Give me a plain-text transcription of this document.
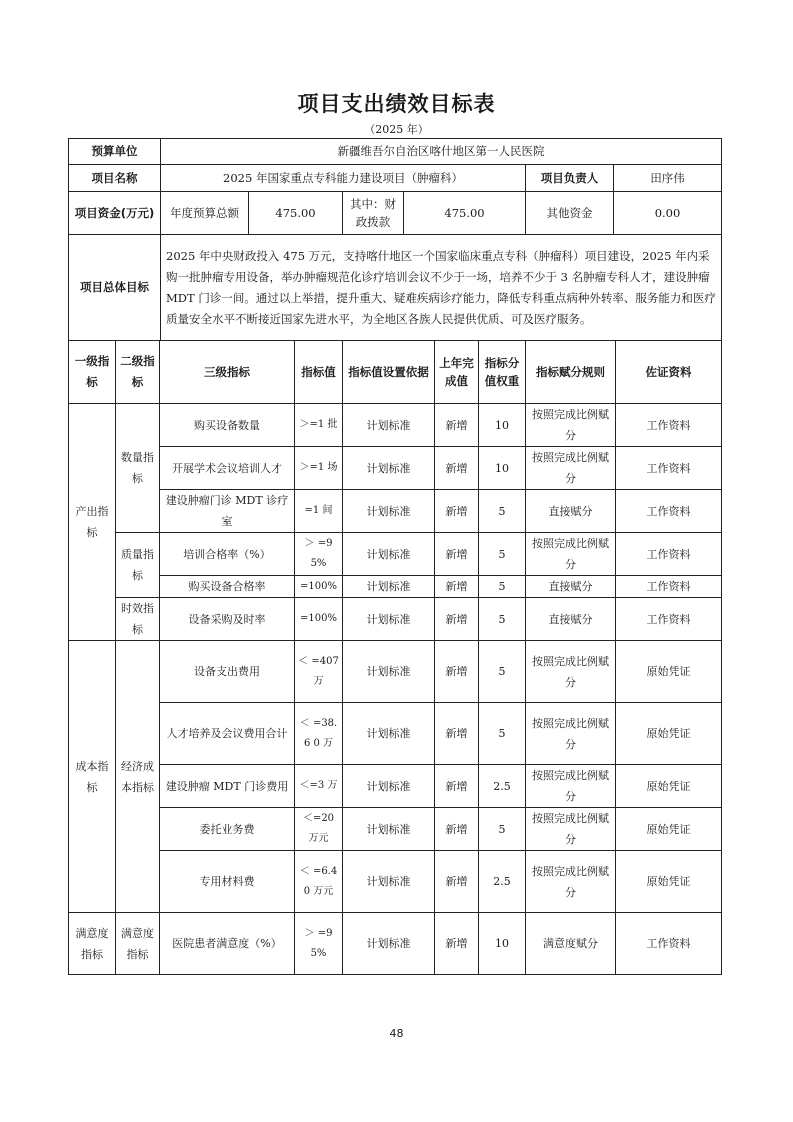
项目支出绩效目标表
（2025 年）
预算单位	新疆维吾尔自治区喀什地区第一人民医院					
项目名称	2025 年国家重点专科能力建设项目（肿瘤科）				项目负责人	田序伟
项目资金(万元)	年度预算总额	475.00	其中：财政拨款	475.00	其他资金	0.00
项目总体目标	2025 年中央财政投入 475 万元，支持喀什地区一个国家临床重点专科（肿瘤科）项目建设，2025 年内采购一批肿瘤专用设备，举办肿瘤规范化诊疗培训会议不少于一场，培养不少于 3 名肿瘤专科人才，建设肿瘤 MDT 门诊一间。通过以上举措，提升重大、疑难疾病诊疗能力，降低专科重点病种外转率、服务能力和医疗质量安全水平不断接近国家先进水平，为全地区各族人民提供优质、可及医疗服务。					
一级指标	二级指标	三级指标	指标值	指标值设置依据	上年完成值	指标分值权重	指标赋分规则	佐证资料
产出指标	数量指标	购买设备数量	＞=1 批	计划标准	新增	10	按照完成比例赋分	工作资料
		开展学术会议培训人才	＞=1 场	计划标准	新增	10	按照完成比例赋分	工作资料
		建设肿瘤门诊 MDT 诊疗室	=1 间	计划标准	新增	5	直接赋分	工作资料
	质量指标	培训合格率（%）	＞ =95%	计划标准	新增	5	按照完成比例赋分	工作资料
		购买设备合格率	=100%	计划标准	新增	5	直接赋分	工作资料
	时效指标	设备采购及时率	=100%	计划标准	新增	5	直接赋分	工作资料
成本指标	经济成本指标	设备支出费用	＜ =407 万	计划标准	新增	5	按照完成比例赋分	原始凭证
		人才培养及会议费用合计	＜ =38.6 0 万	计划标准	新增	5	按照完成比例赋分	原始凭证
		建设肿瘤 MDT 门诊费用	＜=3 万	计划标准	新增	2.5	按照完成比例赋分	原始凭证
		委托业务费	＜=20 万元	计划标准	新增	5	按照完成比例赋分	原始凭证
		专用材料费	＜ =6.40 万元	计划标准	新增	2.5	按照完成比例赋分	原始凭证
满意度指标	满意度指标	医院患者满意度（%）	＞ =95%	计划标准	新增	10	满意度赋分	工作资料
48
